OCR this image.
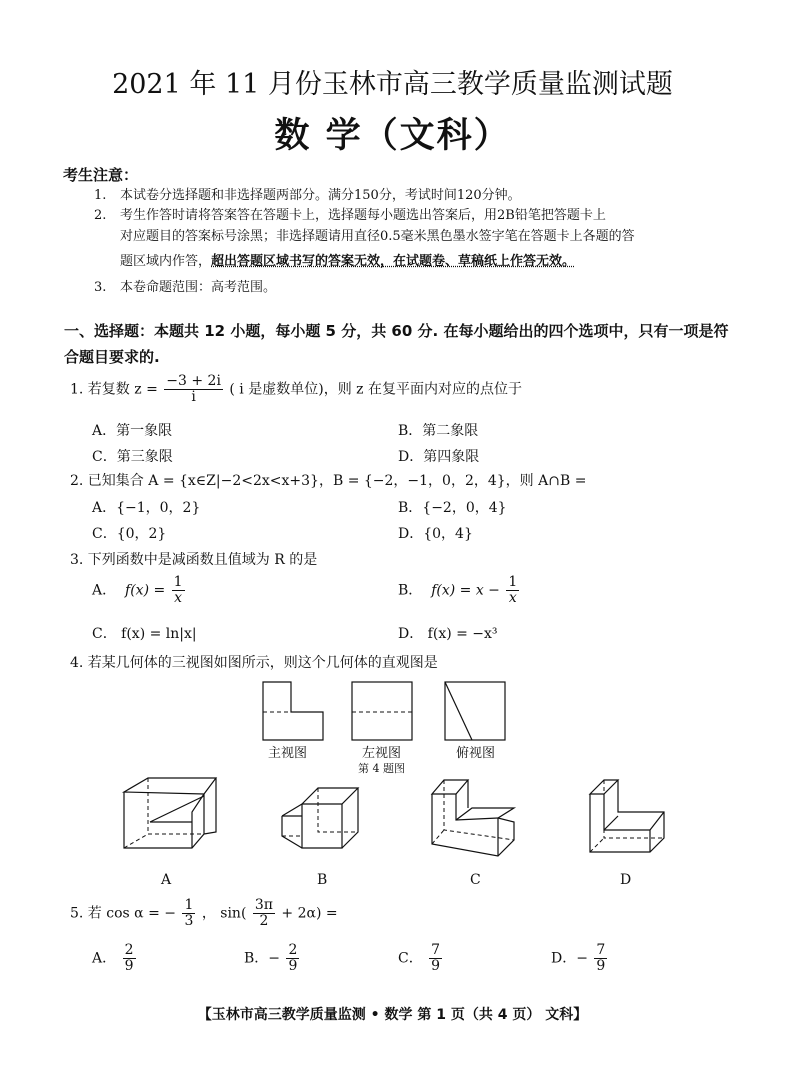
2021 年 11 月份玉林市高三教学质量监测试题
数 学（文科）
考生注意：
1. 本试卷分选择题和非选择题两部分。满分150分，考试时间120分钟。
2. 考生作答时请将答案答在答题卡上，选择题每小题选出答案后，用2B铅笔把答题卡上
对应题目的答案标号涂黑；非选择题请用直径0.5毫米黑色墨水签字笔在答题卡上各题的答
题区域内作答，超出答题区域书写的答案无效，在试题卷、草稿纸上作答无效。
3. 本卷命题范围：高考范围。
一、选择题：本题共 12 小题，每小题 5 分，共 60 分. 在每小题给出的四个选项中，只有一项是符合题目要求的.
1. 若复数 $z = \frac{-3 + 2i}{i}$ ( i 是虚数单位)，则 z 在复平面内对应的点位于
A．第一象限	B．第二象限
C．第三象限	D．第四象限
2. 已知集合 A = {x∈Z|−2<2x<x+3}，B = {−2，−1，0，2，4}，则 A∩B =
A．{−1，0，2}	B．{−2，0，4}
C．{0，2}	D．{0，4}
3. 下列函数中是减函数且值域为 R 的是
A． $f(x) = \frac{1}{x}$	B． $f(x) = x - \frac{1}{x}$
C． f(x) = ln|x|	D． f(x) = −x³
4. 若某几何体的三视图如图所示，则这个几何体的直观图是
主视图	左视图	俯视图
第 4 题图
A	B	C	D
5. 若 cos α = − $\frac{1}{3}$ ， $\sin( \frac{3\pi}{2} + 2\alpha)$ =
A． $\frac{2}{9}$	B．− $\frac{2}{9}$	C． $\frac{7}{9}$	D．− $\frac{7}{9}$
【玉林市高三教学质量监测 • 数学 第 1 页（共 4 页） 文科】
